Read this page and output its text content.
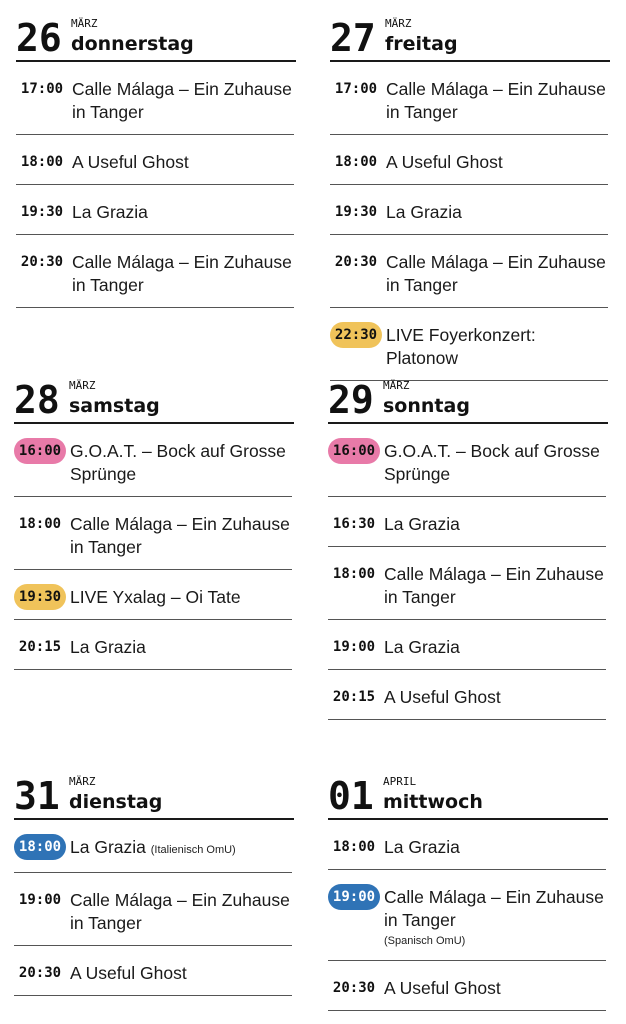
26 MÄRZ
donnerstag
17:00 Calle Málaga – Ein Zuhause in Tanger
18:00 A Useful Ghost
19:30 La Grazia
20:30 Calle Málaga – Ein Zuhause in Tanger
27 MÄRZ
freitag
17:00 Calle Málaga – Ein Zuhause in Tanger
18:00 A Useful Ghost
19:30 La Grazia
20:30 Calle Málaga – Ein Zuhause in Tanger
22:30 LIVE Foyerkonzert: Platonow
28 MÄRZ
samstag
16:00 G.O.A.T. – Bock auf Grosse Sprünge
18:00 Calle Málaga – Ein Zuhause in Tanger
19:30 LIVE Yxalag – Oi Tate
20:15 La Grazia
29 MÄRZ
sonntag
16:00 G.O.A.T. – Bock auf Grosse Sprünge
16:30 La Grazia
18:00 Calle Málaga – Ein Zuhause in Tanger
19:00 La Grazia
20:15 A Useful Ghost
31 MÄRZ
dienstag
18:00 La Grazia (Italienisch OmU)
19:00 Calle Málaga – Ein Zuhause in Tanger
20:30 A Useful Ghost
01 APRIL
mittwoch
18:00 La Grazia
19:00 Calle Málaga – Ein Zuhause in Tanger
(Spanisch OmU)
20:30 A Useful Ghost
